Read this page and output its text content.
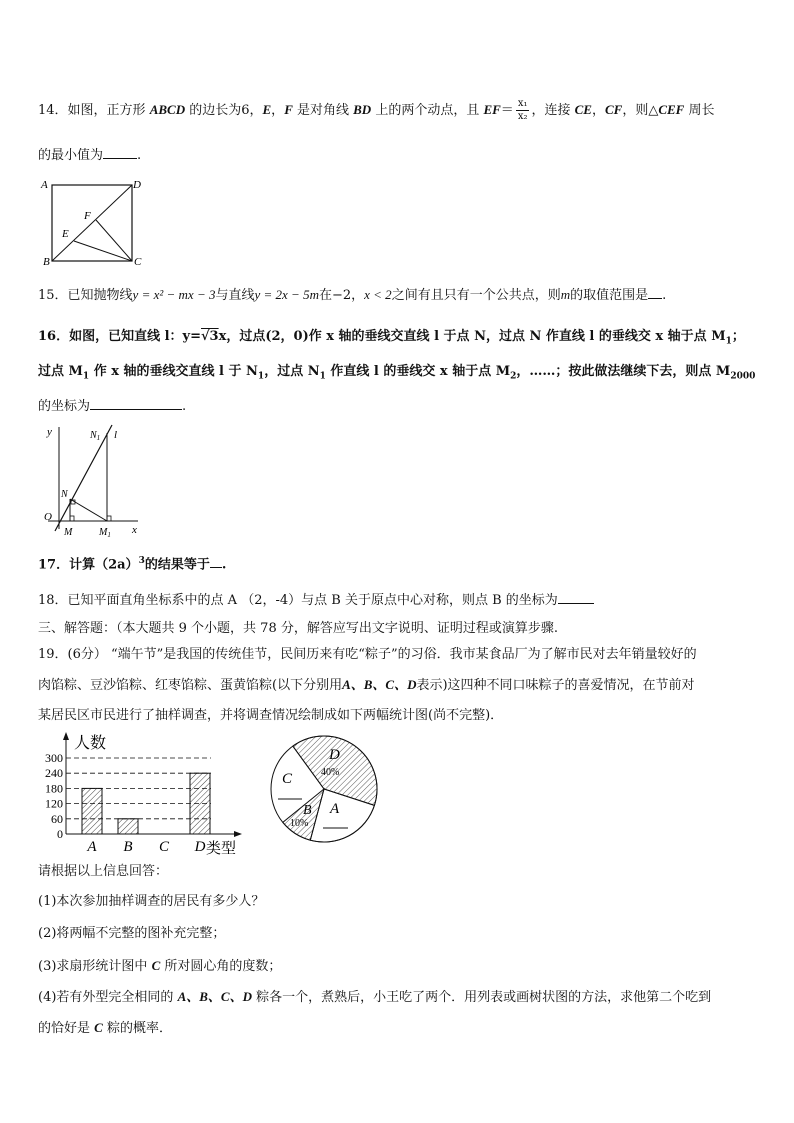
14．如图，正方形 ABCD 的边长为6，E，F 是对角线 BD 上的两个动点，且 $EF= \frac{\text{x₁}}{\text{x₂}}$ ，连接 CE，CF，则△CEF 周长
的最小值为	.
A	D
B	C
E
F
15．已知抛物线y = x² − mx − 3与直线y = 2x − 5m在−2，x < 2之间有且只有一个公共点，则m的取值范围是 .
16．如图，已知直线 l：y=√3x，过点(2，0)作 x 轴的垂线交直线 l 于点 N，过点 N 作直线 l 的垂线交 x 轴于点 $M_1$；
过点 $M_1$ 作 x 轴的垂线交直线 l 于 $N_1$，过点 $N_1$ 作直线 l 的垂线交 x 轴于点 $M_2$，……；按此做法继续下去，则点 $M_{2000}$
的坐标为	.
y
x
O
M
N
$N_1$
$M_1$
l
17．计算$(2a)^3$的结果等于 .
18．已知平面直角坐标系中的点 A （2，-4）与点 B 关于原点中心对称，则点 B 的坐标为
三、解答题：（本大题共 9 个小题，共 78 分，解答应写出文字说明、证明过程或演算步骤.
19．(6分） “端午节”是我国的传统佳节，民间历来有吃“粽子”的习俗．我市某食品厂为了解市民对去年销量较好的
肉馅粽、豆沙馅粽、红枣馅粽、蛋黄馅粽(以下分别用A、B、C、D表示)这四种不同口味粽子的喜爱情况，在节前对
某居民区市民进行了抽样调查，并将调查情况绘制成如下两幅统计图(尚不完整)．
0
60
120
180
240
300
A B C D
人数
类型
D
40%
C
B
10%
A
请根据以上信息回答：
(1)本次参加抽样调查的居民有多少人？
(2)将两幅不完整的图补充完整；
(3)求扇形统计图中 C 所对圆心角的度数；
(4)若有外型完全相同的 A、B、C、D 粽各一个，煮熟后，小王吃了两个．用列表或画树状图的方法，求他第二个吃到
的恰好是 C 粽的概率．
